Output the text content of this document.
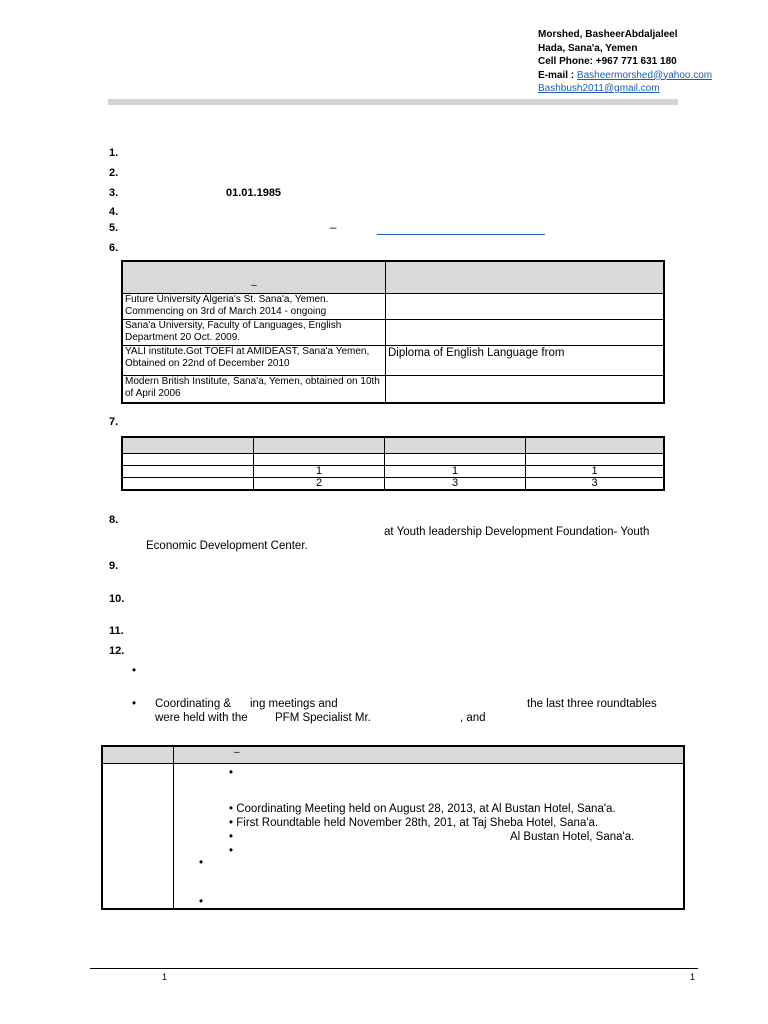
Morshed, BasheerAbdaljaleel
Hada, Sana'a, Yemen
Cell Phone: +967 771 631 180
E-mail : Basheermorshed@yahoo.com
Bashbush2011@gmail.com
1.
2.
3.	01.01.1985
4.
5.	–
6.
–	
Future University Algeria's St. Sana'a, Yemen. Commencing on 3rd of March 2014 - ongoing	
Sana'a University, Faculty of Languages, English Department 20 Oct. 2009.	
YALI institute.Got TOEFl at AMIDEAST, Sana'a Yemen, Obtained on 22nd of December 2010	Diploma of English Language from
Modern British Institute, Sana'a, Yemen, obtained on 10th of April 2006	
7.

	1	1	1
	2	3	3
8.
at Youth leadership Development Foundation- Youth
Economic Development Center.
9.
10.
11.
12.
•
• Coordinating & ing meetings and	the last three roundtables
were held with the PFM Specialist Mr.	, and
	–

•
• Coordinating Meeting held on August 28, 2013, at Al Bustan Hotel, Sana'a.
• First Roundtable held November 28th, 201, at Taj Sheba Hotel, Sana'a.
•	Al Bustan Hotel, Sana'a.
•
•
•
1	1
